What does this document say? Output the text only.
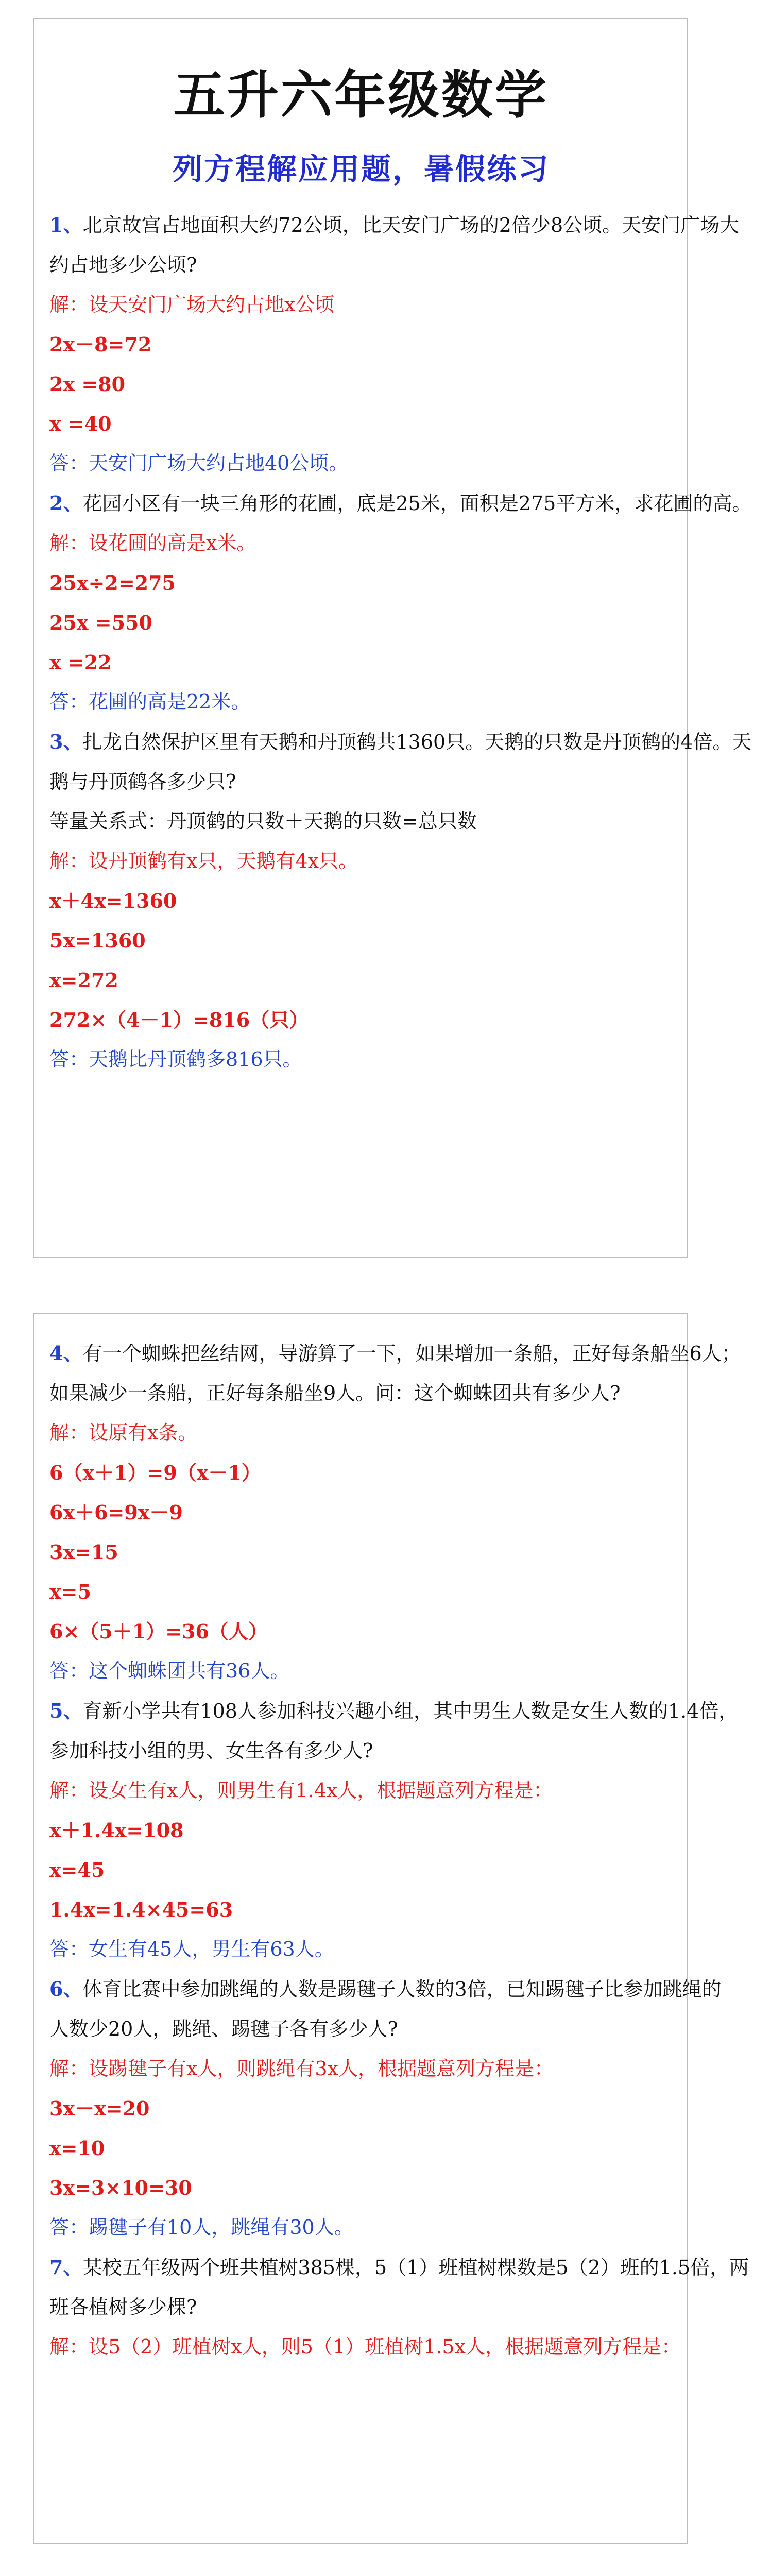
五升六年级数学
列方程解应用题，暑假练习
1、北京故宫占地面积大约72公顷，比天安门广场的2倍少8公顷。天安门广场大
约占地多少公顷?
解：设天安门广场大约占地x公顷
2x－8=72
2x =80
x =40
答：天安门广场大约占地40公顷。
2、花园小区有一块三角形的花圃，底是25米，面积是275平方米，求花圃的高。
解：设花圃的高是x米。
25x÷2=275
25x =550
x =22
答：花圃的高是22米。
3、扎龙自然保护区里有天鹅和丹顶鹤共1360只。天鹅的只数是丹顶鹤的4倍。天
鹅与丹顶鹤各多少只?
等量关系式：丹顶鹤的只数＋天鹅的只数=总只数
解：设丹顶鹤有x只，天鹅有4x只。
x＋4x=1360
5x=1360
x=272
272×（4－1）=816（只）
答：天鹅比丹顶鹤多816只。
4、有一个蜘蛛把丝结网，导游算了一下，如果增加一条船，正好每条船坐6人；
如果减少一条船，正好每条船坐9人。问：这个蜘蛛团共有多少人?
解：设原有x条。
6（x＋1）=9（x－1）
6x＋6=9x－9
3x=15
x=5
6×（5＋1）=36（人）
答：这个蜘蛛团共有36人。
5、育新小学共有108人参加科技兴趣小组，其中男生人数是女生人数的1.4倍，
参加科技小组的男、女生各有多少人?
解：设女生有x人，则男生有1.4x人，根据题意列方程是：
x＋1.4x=108
x=45
1.4x=1.4×45=63
答：女生有45人，男生有63人。
6、体育比赛中参加跳绳的人数是踢毽子人数的3倍，已知踢毽子比参加跳绳的
人数少20人，跳绳、踢毽子各有多少人?
解：设踢毽子有x人，则跳绳有3x人，根据题意列方程是：
3x－x=20
x=10
3x=3×10=30
答：踢毽子有10人，跳绳有30人。
7、某校五年级两个班共植树385棵，5（1）班植树棵数是5（2）班的1.5倍，两
班各植树多少棵?
解：设5（2）班植树x人，则5（1）班植树1.5x人，根据题意列方程是：
